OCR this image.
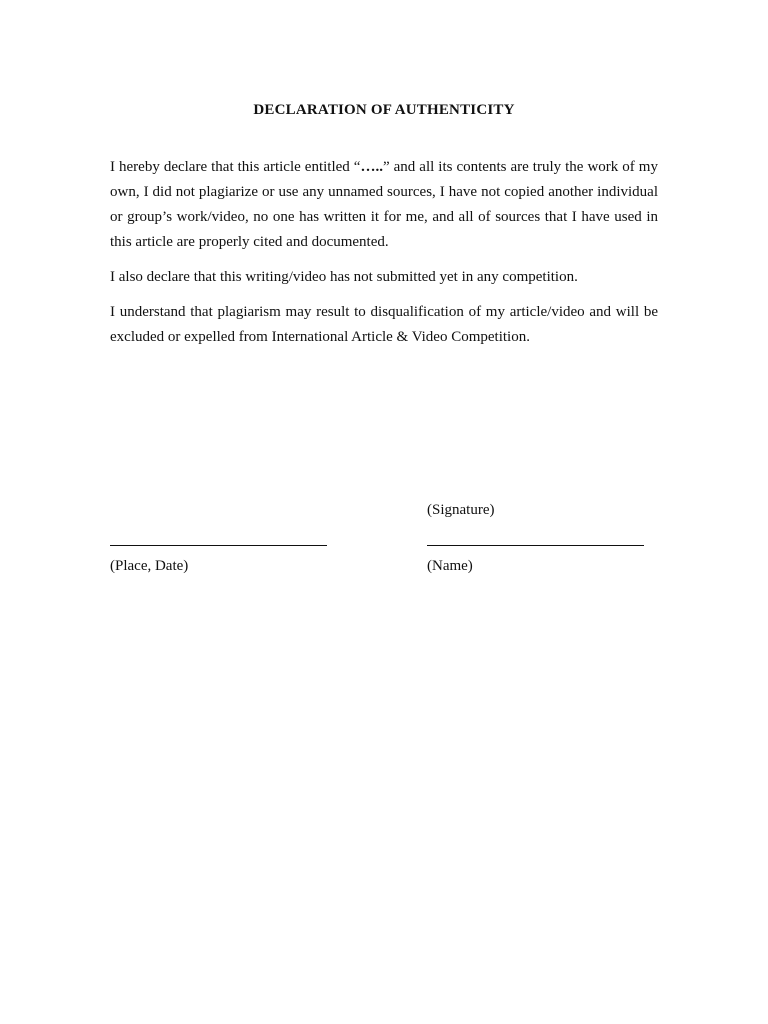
DECLARATION OF AUTHENTICITY

I hereby declare that this article entitled “…..” and all its contents are truly the work of my own, I did not plagiarize or use any unnamed sources, I have not copied another individual or group’s work/video, no one has written it for me, and all of sources that I have used in this article are properly cited and documented.

I also declare that this writing/video has not submitted yet in any competition.

I understand that plagiarism may result to disqualification of my article/video and will be excluded or expelled from International Article & Video Competition.

(Signature)

(Place, Date)	(Name)
